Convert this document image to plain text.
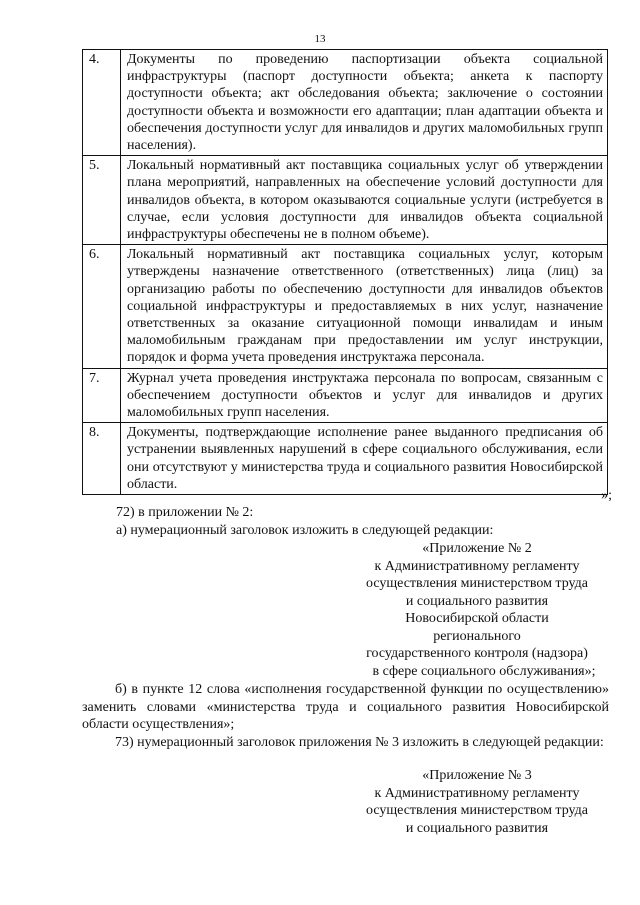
13
4.	Документы по проведению паспортизации объекта социальной инфраструктуры (паспорт доступности объекта; анкета к паспорту доступности объекта; акт обследования объекта; заключение о состоянии доступности объекта и возможности его адаптации; план адаптации объекта и обеспечения доступности услуг для инвалидов и других маломобильных групп населения).
5.	Локальный нормативный акт поставщика социальных услуг об утверждении плана мероприятий, направленных на обеспечение условий доступности для инвалидов объекта, в котором оказываются социальные услуги (истребуется в случае, если условия доступности для инвалидов объекта социальной инфраструктуры обеспечены не в полном объеме).
6.	Локальный нормативный акт поставщика социальных услуг, которым утверждены назначение ответственного (ответственных) лица (лиц) за организацию работы по обеспечению доступности для инвалидов объектов социальной инфраструктуры и предоставляемых в них услуг, назначение ответственных за оказание ситуационной помощи инвалидам и иным маломобильным гражданам при предоставлении им услуг инструкции, порядок и форма учета проведения инструктажа персонала.
7.	Журнал учета проведения инструктажа персонала по вопросам, связанным с обеспечением доступности объектов и услуг для инвалидов и других маломобильных групп населения.
8.	Документы, подтверждающие исполнение ранее выданного предписания об устранении выявленных нарушений в сфере социального обслуживания, если они отсутствуют у министерства труда и социального развития Новосибирской области.
»;
72) в приложении № 2:
а) нумерационный заголовок изложить в следующей редакции:
«Приложение № 2
к Административному регламенту
осуществления министерством труда
и социального развития
Новосибирской области
регионального
государственного контроля (надзора)
в сфере социального обслуживания»;
б) в пункте 12 слова «исполнения государственной функции по осуществлению» заменить словами «министерства труда и социального развития Новосибирской области осуществления»;
73) нумерационный заголовок приложения № 3 изложить в следующей редакции:
«Приложение № 3
к Административному регламенту
осуществления министерством труда
и социального развития
